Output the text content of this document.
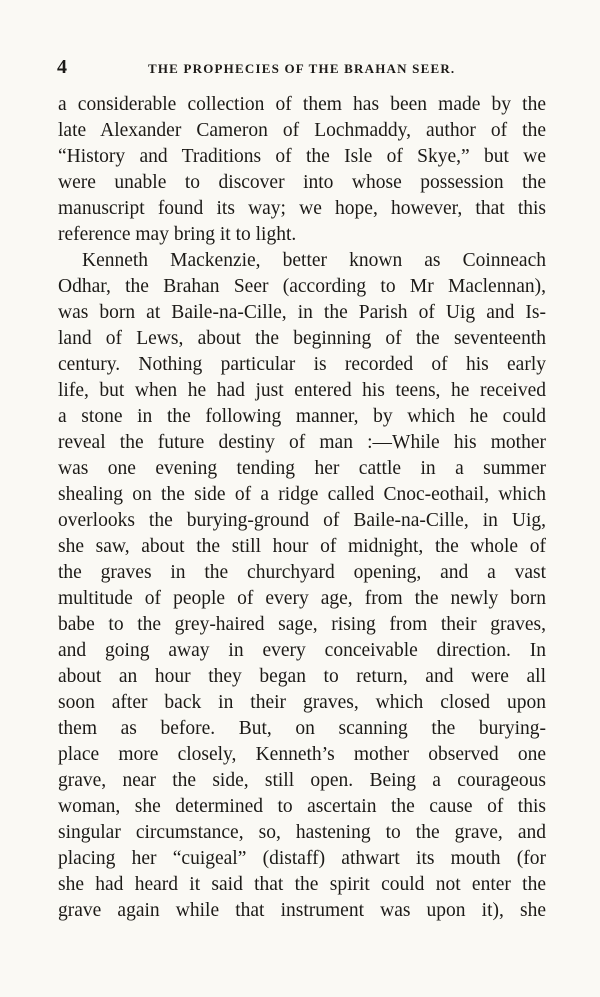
4	THE PROPHECIES OF THE BRAHAN SEER.
a considerable collection of them has been made by the
late Alexander Cameron of Lochmaddy, author of the
“History and Traditions of the Isle of Skye,” but we
were unable to discover into whose possession the
manuscript found its way; we hope, however, that this
reference may bring it to light.
Kenneth Mackenzie, better known as Coinneach
Odhar, the Brahan Seer (according to Mr Maclennan),
was born at Baile-na-Cille, in the Parish of Uig and Is-
land of Lews, about the beginning of the seventeenth
century. Nothing particular is recorded of his early
life, but when he had just entered his teens, he received
a stone in the following manner, by which he could
reveal the future destiny of man :—While his mother
was one evening tending her cattle in a summer
shealing on the side of a ridge called Cnoc-eothail, which
overlooks the burying-ground of Baile-na-Cille, in Uig,
she saw, about the still hour of midnight, the whole of
the graves in the churchyard opening, and a vast
multitude of people of every age, from the newly born
babe to the grey-haired sage, rising from their graves,
and going away in every conceivable direction. In
about an hour they began to return, and were all
soon after back in their graves, which closed upon
them as before. But, on scanning the burying-
place more closely, Kenneth’s mother observed one
grave, near the side, still open. Being a courageous
woman, she determined to ascertain the cause of this
singular circumstance, so, hastening to the grave, and
placing her “cuigeal” (distaff) athwart its mouth (for
she had heard it said that the spirit could not enter the
grave again while that instrument was upon it), she
